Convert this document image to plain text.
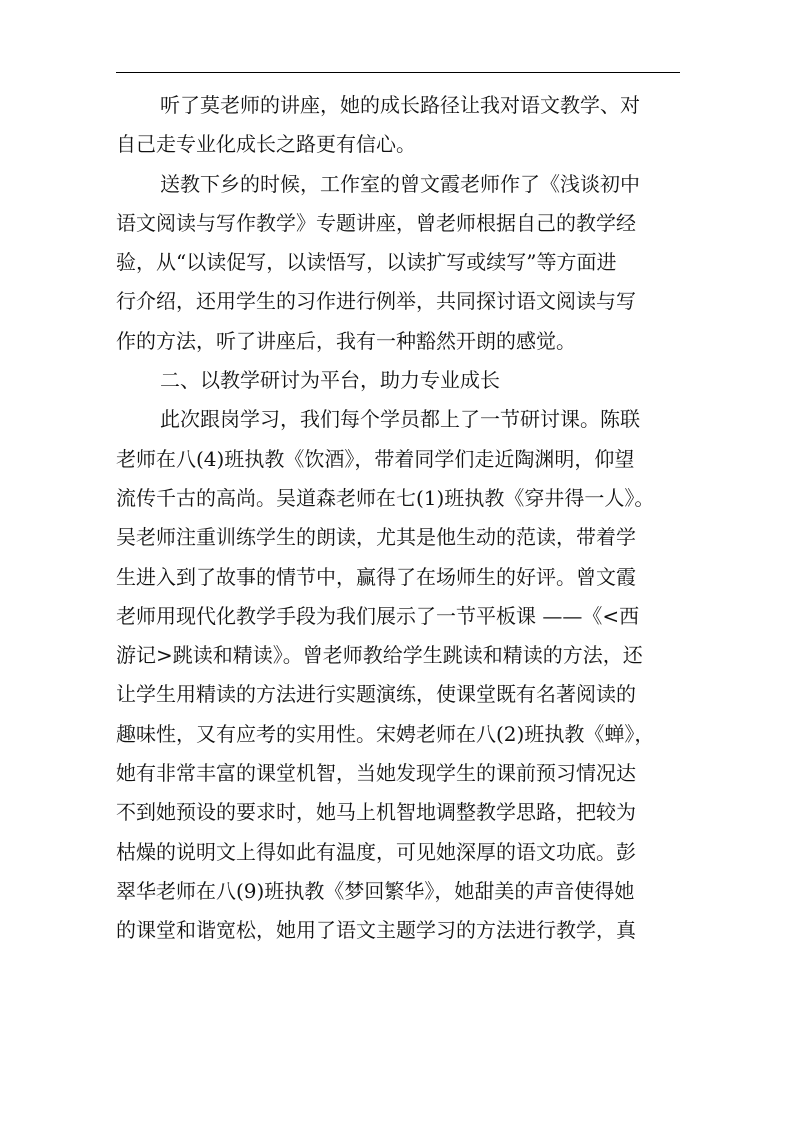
听了莫老师的讲座，她的成长路径让我对语文教学、对
自己走专业化成长之路更有信心。
送教下乡的时候，工作室的曾文霞老师作了《浅谈初中
语文阅读与写作教学》专题讲座，曾老师根据自己的教学经
验，从“以读促写，以读悟写，以读扩写或续写”等方面进
行介绍，还用学生的习作进行例举，共同探讨语文阅读与写
作的方法，听了讲座后，我有一种豁然开朗的感觉。
二、以教学研讨为平台，助力专业成长
此次跟岗学习，我们每个学员都上了一节研讨课。陈联
老师在八(4)班执教《饮酒》，带着同学们走近陶渊明，仰望
流传千古的高尚。吴道森老师在七(1)班执教《穿井得一人》。
吴老师注重训练学生的朗读，尤其是他生动的范读，带着学
生进入到了故事的情节中，赢得了在场师生的好评。曾文霞
老师用现代化教学手段为我们展示了一节平板课 ——《<西
游记>跳读和精读》。曾老师教给学生跳读和精读的方法，还
让学生用精读的方法进行实题演练，使课堂既有名著阅读的
趣味性，又有应考的实用性。宋娉老师在八(2)班执教《蝉》，
她有非常丰富的课堂机智，当她发现学生的课前预习情况达
不到她预设的要求时，她马上机智地调整教学思路，把较为
枯燥的说明文上得如此有温度，可见她深厚的语文功底。彭
翠华老师在八(9)班执教《梦回繁华》，她甜美的声音使得她
的课堂和谐宽松，她用了语文主题学习的方法进行教学，真
